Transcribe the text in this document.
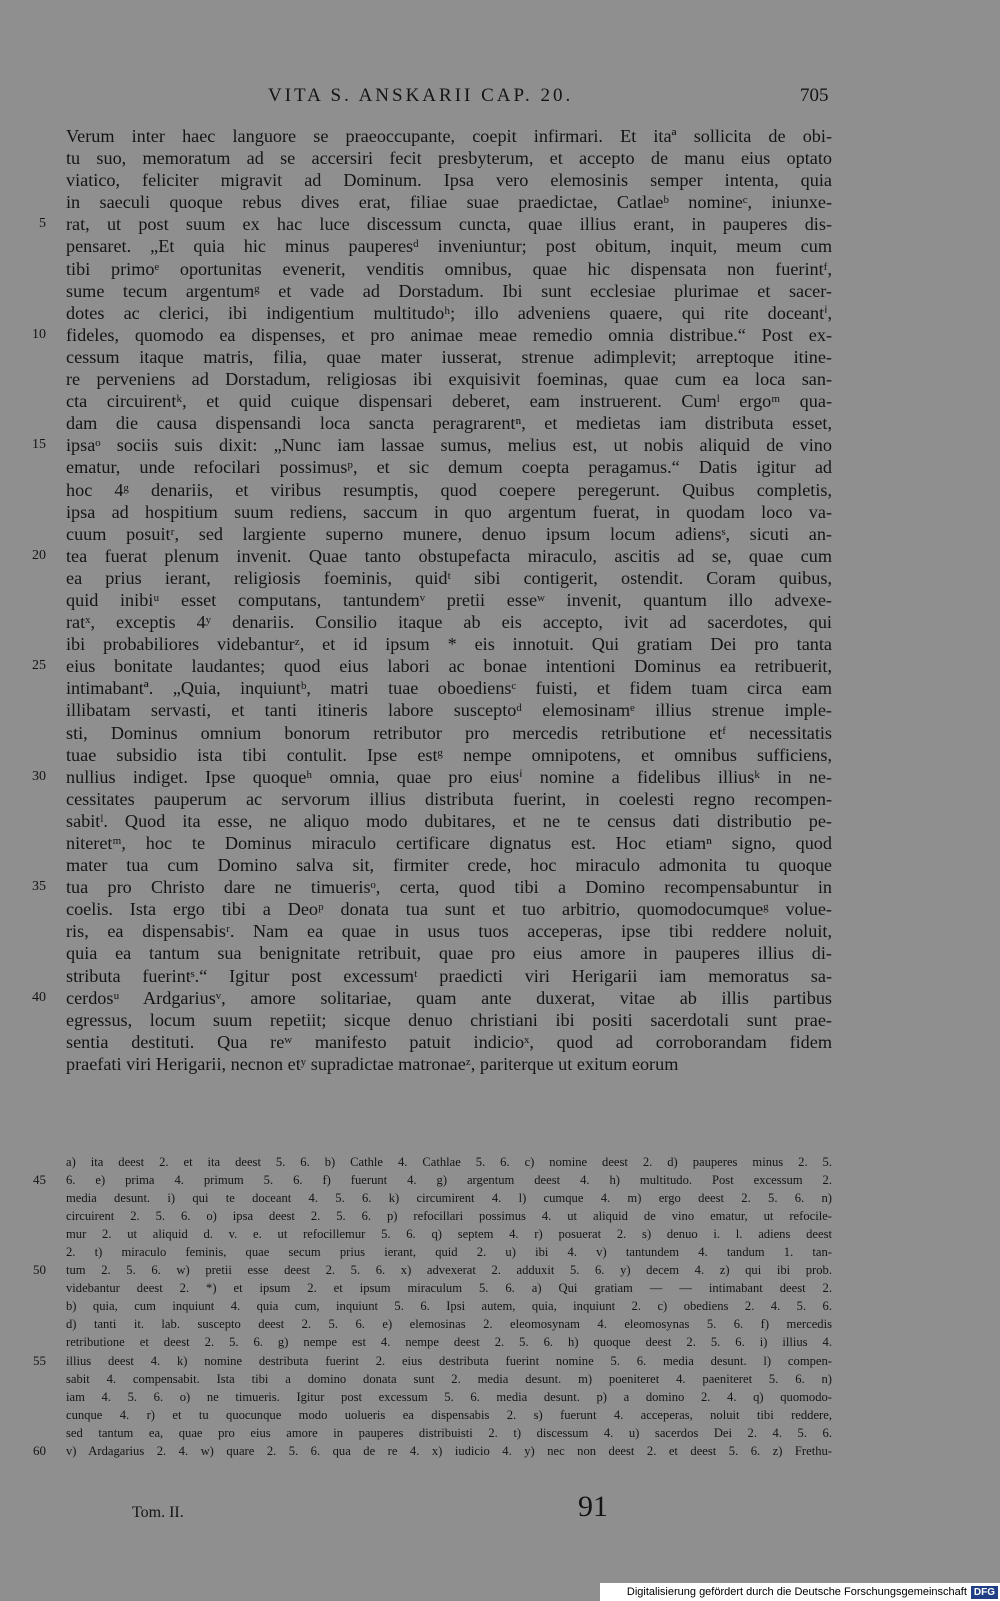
VITA S. ANSKARII CAP. 20.	705
Verum inter haec languore se praeoccupante, coepit infirmari. Et itaª sollicita de obi-
tu suo, memoratum ad se accersiri fecit presbyterum, et accepto de manu eius optato
viatico, feliciter migravit ad Dominum. Ipsa vero elemosinis semper intenta, quia
in saeculi quoque rebus dives erat, filiae suae praedictae, Catlaeᵇ nomineᶜ, iniunxe-
5 rat, ut post suum ex hac luce discessum cuncta, quae illius erant, in pauperes dis-
pensaret. „Et quia hic minus pauperesᵈ inveniuntur; post obitum, inquit, meum cum
tibi primoᵉ oportunitas evenerit, venditis omnibus, quae hic dispensata non fuerintᶠ,
sume tecum argentumᵍ et vade ad Dorstadum. Ibi sunt ecclesiae plurimae et sacer-
dotes ac clerici, ibi indigentium multitudoʰ; illo adveniens quaere, qui rite doceantⁱ,
10 fideles, quomodo ea dispenses, et pro animae meae remedio omnia distribue.“ Post ex-
cessum itaque matris, filia, quae mater iusserat, strenue adimplevit; arreptoque itine-
re perveniens ad Dorstadum, religiosas ibi exquisivit foeminas, quae cum ea loca san-
cta circuirentᵏ, et quid cuique dispensari deberet, eam instruerent. Cumˡ ergoᵐ qua-
dam die causa dispensandi loca sancta peragrarentⁿ, et medietas iam distributa esset,
15 ipsaᵒ sociis suis dixit: „Nunc iam lassae sumus, melius est, ut nobis aliquid de vino
ematur, unde refocilari possimusᵖ, et sic demum coepta peragamus.“ Datis igitur ad
hoc 4ᵍ denariis, et viribus resumptis, quod coepere peregerunt. Quibus completis,
ipsa ad hospitium suum rediens, saccum in quo argentum fuerat, in quodam loco va-
cuum posuitʳ, sed largiente superno munere, denuo ipsum locum adiensˢ, sicuti an-
20 tea fuerat plenum invenit. Quae tanto obstupefacta miraculo, ascitis ad se, quae cum
ea prius ierant, religiosis foeminis, quidᵗ sibi contigerit, ostendit. Coram quibus,
quid inibiᵘ esset computans, tantundemᵛ pretii esseʷ invenit, quantum illo advexe-
ratˣ, exceptis 4ʸ denariis. Consilio itaque ab eis accepto, ivit ad sacerdotes, qui
ibi probabiliores videbanturᶻ, et id ipsum * eis innotuit. Qui gratiam Dei pro tanta
25 eius bonitate laudantes; quod eius labori ac bonae intentioni Dominus ea retribuerit,
intimabantª. „Quia, inquiuntᵇ, matri tuae oboediensᶜ fuisti, et fidem tuam circa eam
illibatam servasti, et tanti itineris labore susceptoᵈ elemosinamᵉ illius strenue imple-
sti, Dominus omnium bonorum retributor pro mercedis retributione etᶠ necessitatis
tuae subsidio ista tibi contulit. Ipse estᵍ nempe omnipotens, et omnibus sufficiens,
30 nullius indiget. Ipse quoqueʰ omnia, quae pro eiusⁱ nomine a fidelibus illiusᵏ in ne-
cessitates pauperum ac servorum illius distributa fuerint, in coelesti regno recompen-
sabitˡ. Quod ita esse, ne aliquo modo dubitares, et ne te census dati distributio pe-
niteretᵐ, hoc te Dominus miraculo certificare dignatus est. Hoc etiamⁿ signo, quod
mater tua cum Domino salva sit, firmiter crede, hoc miraculo admonita tu quoque
35 tua pro Christo dare ne timuerisᵒ, certa, quod tibi a Domino recompensabuntur in
coelis. Ista ergo tibi a Deoᵖ donata tua sunt et tuo arbitrio, quomodocumqueᵍ volue-
ris, ea dispensabisʳ. Nam ea quae in usus tuos acceperas, ipse tibi reddere noluit,
quia ea tantum sua benignitate retribuit, quae pro eius amore in pauperes illius di-
stributa fuerintˢ.“ Igitur post excessumᵗ praedicti viri Herigarii iam memoratus sa-
40 cerdosᵘ Ardgariusᵛ, amore solitariae, quam ante duxerat, vitae ab illis partibus
egressus, locum suum repetiit; sicque denuo christiani ibi positi sacerdotali sunt prae-
sentia destituti. Qua reʷ manifesto patuit indicioˣ, quod ad corroborandam fidem
praefati viri Herigarii, necnon etʸ supradictae matronaeᶻ, pariterque ut exitum eorum
a) ita deest 2. et ita deest 5. 6. b) Cathle 4. Cathlae 5. 6. c) nomine deest 2. d) pauperes minus 2. 5.
45 6. e) prima 4. primum 5. 6. f) fuerunt 4. g) argentum deest 4. h) multitudo. Post excessum 2.
media desunt. i) qui te doceant 4. 5. 6. k) circumirent 4. l) cumque 4. m) ergo deest 2. 5. 6. n)
circuirent 2. 5. 6. o) ipsa deest 2. 5. 6. p) refocillari possimus 4. ut aliquid de vino ematur, ut refocile-
mur 2. ut aliquid d. v. e. ut refocillemur 5. 6. q) septem 4. r) posuerat 2. s) denuo i. l. adiens deest
2. t) miraculo feminis, quae secum prius ierant, quid 2. u) ibi 4. v) tantundem 4. tandum 1. tan-
50 tum 2. 5. 6. w) pretii esse deest 2. 5. 6. x) advexerat 2. adduxit 5. 6. y) decem 4. z) qui ibi prob.
videbantur deest 2. *) et ipsum 2. et ipsum miraculum 5. 6. a) Qui gratiam — — intimabant deest 2.
b) quia, cum inquiunt 4. quia cum, inquiunt 5. 6. Ipsi autem, quia, inquiunt 2. c) obediens 2. 4. 5. 6.
d) tanti it. lab. suscepto deest 2. 5. 6. e) elemosinas 2. eleomosynam 4. eleomosynas 5. 6. f) mercedis
retributione et deest 2. 5. 6. g) nempe est 4. nempe deest 2. 5. 6. h) quoque deest 2. 5. 6. i) illius 4.
55 illius deest 4. k) nomine destributa fuerint 2. eius destributa fuerint nomine 5. 6. media desunt. l) compen-
sabit 4. compensabit. Ista tibi a domino donata sunt 2. media desunt. m) poeniteret 4. paeniteret 5. 6. n)
iam 4. 5. 6. o) ne timueris. Igitur post excessum 5. 6. media desunt. p) a domino 2. 4. q) quomodo-
cunque 4. r) et tu quocunque modo uolueris ea dispensabis 2. s) fuerunt 4. acceperas, noluit tibi reddere,
sed tantum ea, quae pro eius amore in pauperes distribuisti 2. t) discessum 4. u) sacerdos Dei 2. 4. 5. 6.
60 v) Ardagarius 2. 4. w) quare 2. 5. 6. qua de re 4. x) iudicio 4. y) nec non deest 2. et deest 5. 6. z) Frethu-
Tom. II.	91
Digitalisierung gefördert durch die Deutsche Forschungsgemeinschaft DFG
